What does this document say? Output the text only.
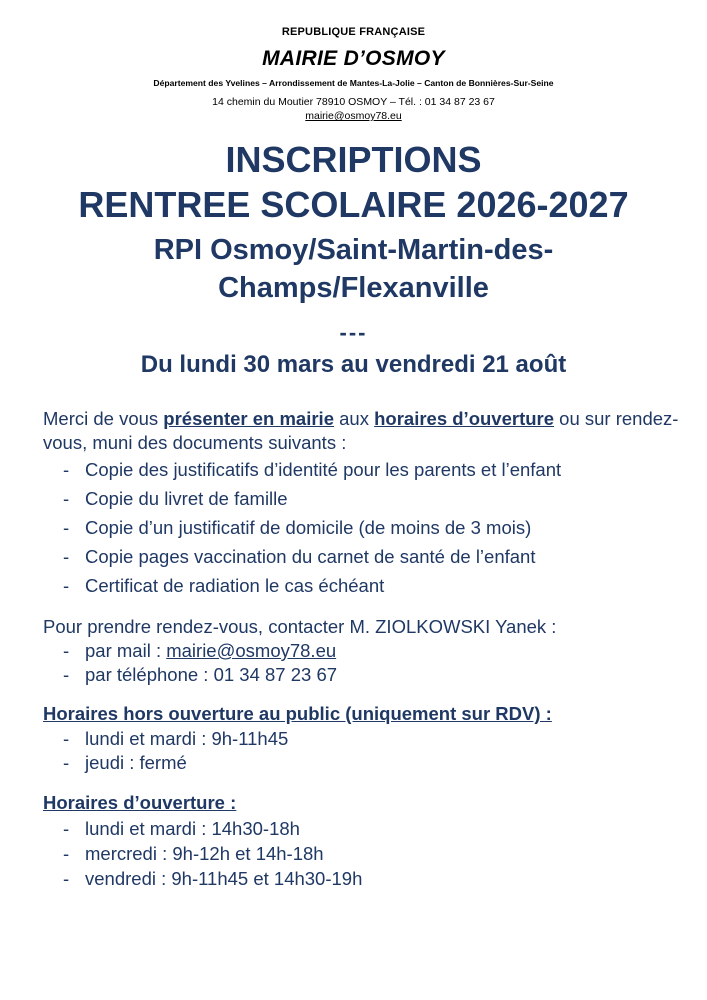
REPUBLIQUE FRANÇAISE
MAIRIE D’OSMOY
Département des Yvelines – Arrondissement de Mantes-La-Jolie – Canton de Bonnières-Sur-Seine
14 chemin du Moutier 78910 OSMOY – Tél. : 01 34 87 23 67
mairie@osmoy78.eu
INSCRIPTIONS
RENTREE SCOLAIRE 2026-2027
RPI Osmoy/Saint-Martin-des-
Champs/Flexanville
---
Du lundi 30 mars au vendredi 21 août
Merci de vous présenter en mairie aux horaires d’ouverture ou sur rendez-vous, muni des documents suivants :
- Copie des justificatifs d’identité pour les parents et l’enfant
- Copie du livret de famille
- Copie d’un justificatif de domicile (de moins de 3 mois)
- Copie pages vaccination du carnet de santé de l’enfant
- Certificat de radiation le cas échéant
Pour prendre rendez-vous, contacter M. ZIOLKOWSKI Yanek :
- par mail : mairie@osmoy78.eu
- par téléphone : 01 34 87 23 67
Horaires hors ouverture au public (uniquement sur RDV) :
- lundi et mardi : 9h-11h45
- jeudi : fermé
Horaires d’ouverture :
- lundi et mardi : 14h30-18h
- mercredi : 9h-12h et 14h-18h
- vendredi : 9h-11h45 et 14h30-19h
